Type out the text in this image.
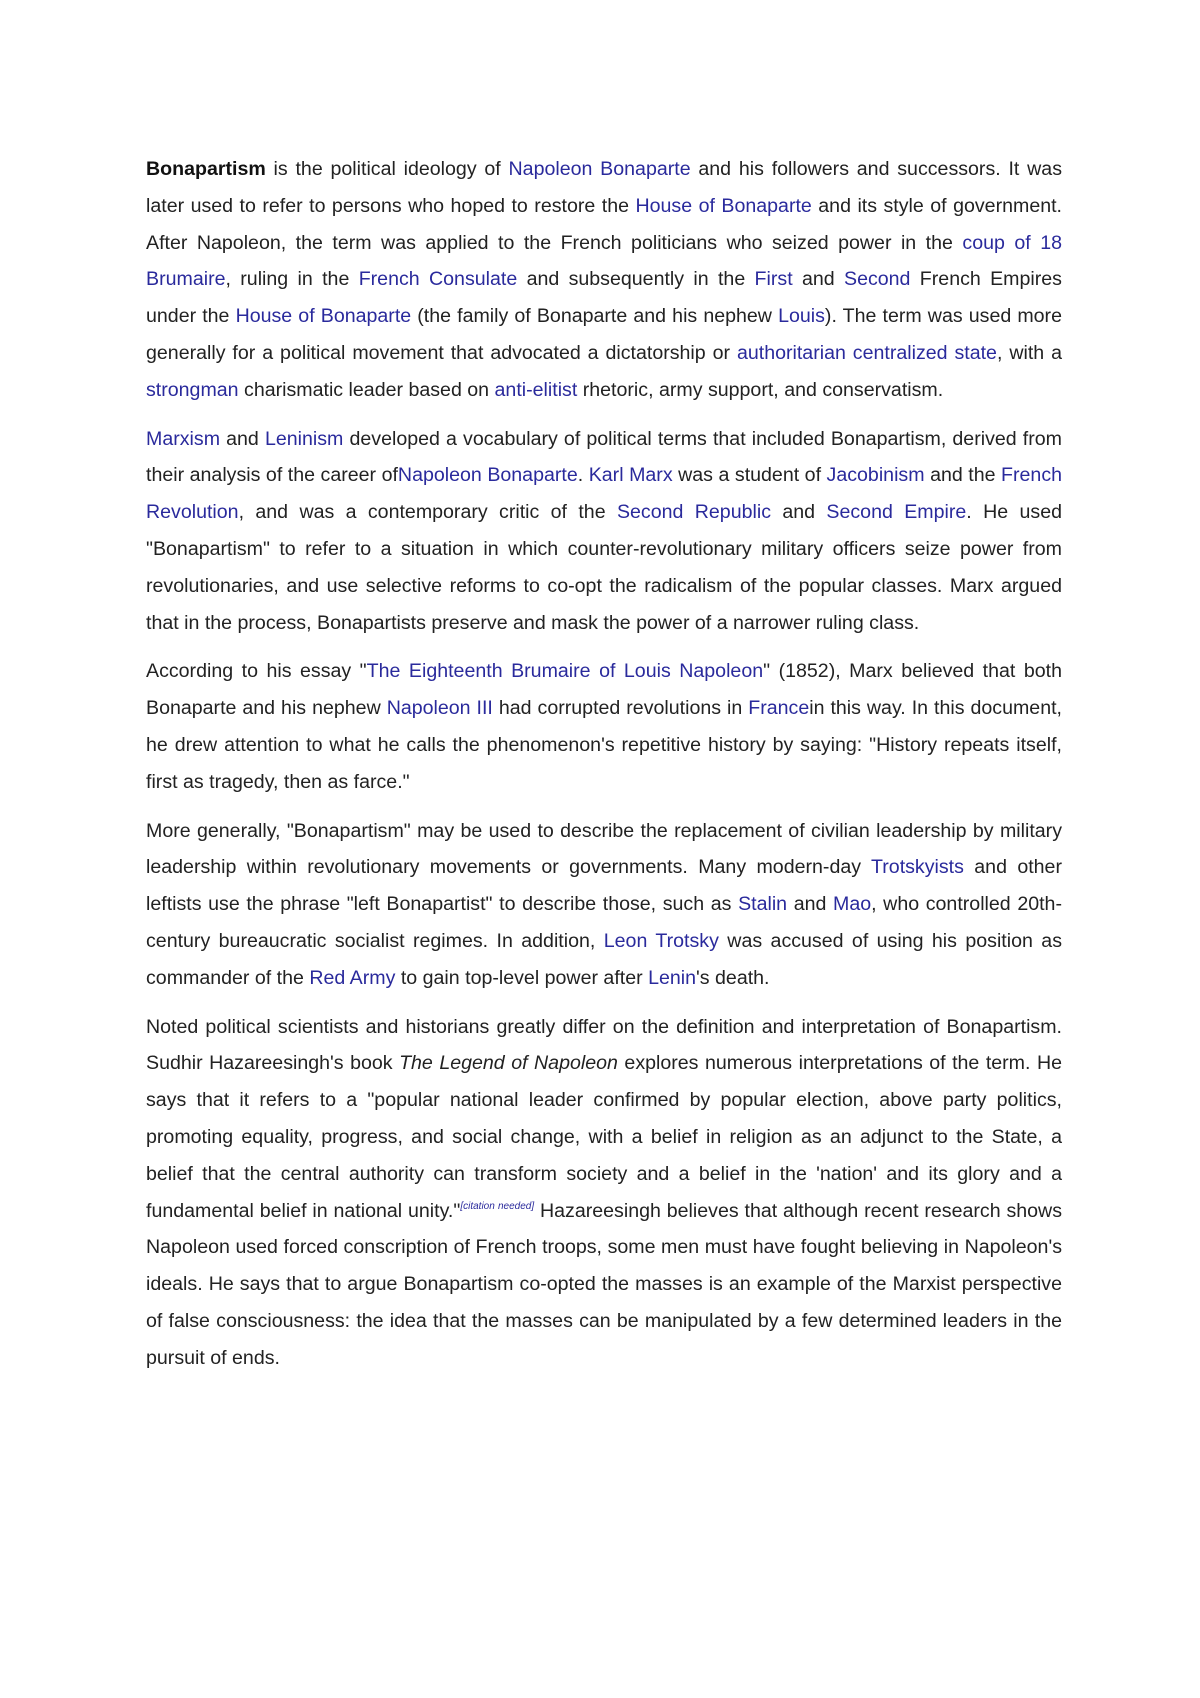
Bonapartism is the political ideology of Napoleon Bonaparte and his followers and successors. It was later used to refer to persons who hoped to restore the House of Bonaparte and its style of government. After Napoleon, the term was applied to the French politicians who seized power in the coup of 18 Brumaire, ruling in the French Consulate and subsequently in the First and Second French Empires under the House of Bonaparte (the family of Bonaparte and his nephew Louis). The term was used more generally for a political movement that advocated a dictatorship or authoritarian centralized state, with a strongman charismatic leader based on anti-elitist rhetoric, army support, and conservatism.

Marxism and Leninism developed a vocabulary of political terms that included Bonapartism, derived from their analysis of the career ofNapoleon Bonaparte. Karl Marx was a student of Jacobinism and the French Revolution, and was a contemporary critic of the Second Republic and Second Empire. He used "Bonapartism" to refer to a situation in which counter-revolutionary military officers seize power from revolutionaries, and use selective reforms to co-opt the radicalism of the popular classes. Marx argued that in the process, Bonapartists preserve and mask the power of a narrower ruling class.

According to his essay "The Eighteenth Brumaire of Louis Napoleon" (1852), Marx believed that both Bonaparte and his nephew Napoleon III had corrupted revolutions in Francein this way. In this document, he drew attention to what he calls the phenomenon's repetitive history by saying: "History repeats itself, first as tragedy, then as farce."

More generally, "Bonapartism" may be used to describe the replacement of civilian leadership by military leadership within revolutionary movements or governments. Many modern-day Trotskyists and other leftists use the phrase "left Bonapartist" to describe those, such as Stalin and Mao, who controlled 20th-century bureaucratic socialist regimes. In addition, Leon Trotsky was accused of using his position as commander of the Red Army to gain top-level power after Lenin's death.

Noted political scientists and historians greatly differ on the definition and interpretation of Bonapartism. Sudhir Hazareesingh's book The Legend of Napoleon explores numerous interpretations of the term. He says that it refers to a "popular national leader confirmed by popular election, above party politics, promoting equality, progress, and social change, with a belief in religion as an adjunct to the State, a belief that the central authority can transform society and a belief in the 'nation' and its glory and a fundamental belief in national unity."[citation needed] Hazareesingh believes that although recent research shows Napoleon used forced conscription of French troops, some men must have fought believing in Napoleon's ideals. He says that to argue Bonapartism co-opted the masses is an example of the Marxist perspective of false consciousness: the idea that the masses can be manipulated by a few determined leaders in the pursuit of ends.
